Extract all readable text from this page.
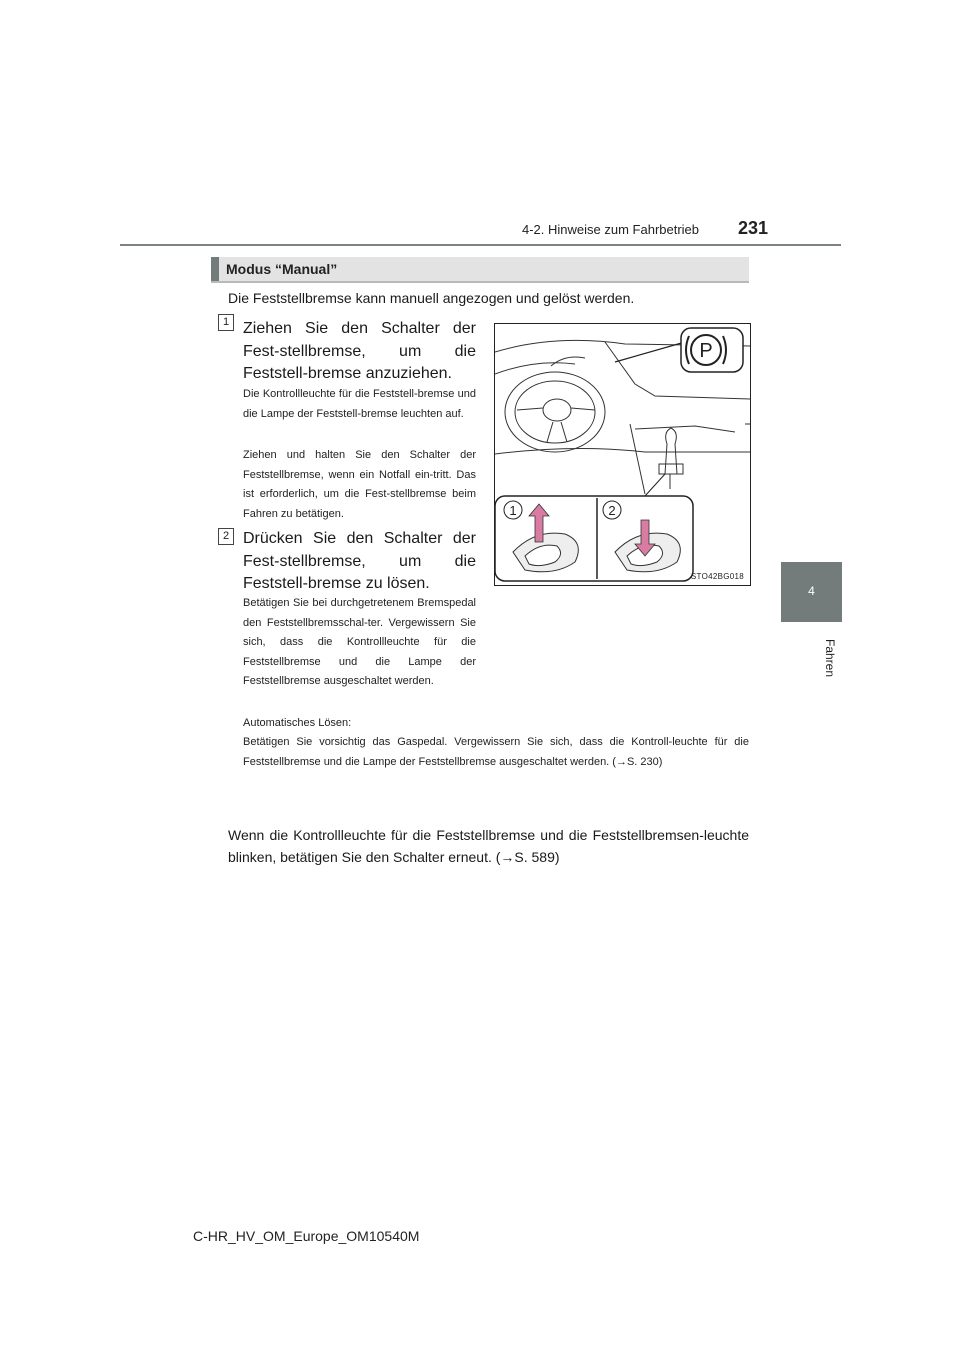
4-2. Hinweise zum Fahrbetrieb 231
4
Fahren
Modus “Manual”
Die Feststellbremse kann manuell angezogen und gelöst werden.
1 Ziehen Sie den Schalter der Fest-stellbremse, um die Feststell-bremse anzuziehen.
Die Kontrollleuchte für die Feststell-bremse und die Lampe der Feststell-bremse leuchten auf.
Ziehen und halten Sie den Schalter der Feststellbremse, wenn ein Notfall ein-tritt. Das ist erforderlich, um die Fest-stellbremse beim Fahren zu betätigen.
2 Drücken Sie den Schalter der Fest-stellbremse, um die Feststell-bremse zu lösen.
Betätigen Sie bei durchgetretenem Bremspedal den Feststellbremsschal-ter. Vergewissern Sie sich, dass die Kontrollleuchte für die Feststellbremse und die Lampe der Feststellbremse ausgeschaltet werden.
Automatisches Lösen:
Betätigen Sie vorsichtig das Gaspedal. Vergewissern Sie sich, dass die Kontroll-leuchte für die Feststellbremse und die Lampe der Feststellbremse ausgeschaltet werden. (→S. 230)
Wenn die Kontrollleuchte für die Feststellbremse und die Feststellbremsen-leuchte blinken, betätigen Sie den Schalter erneut. (→S. 589)
1	2
P
STO42BG018
C-HR_HV_OM_Europe_OM10540M
